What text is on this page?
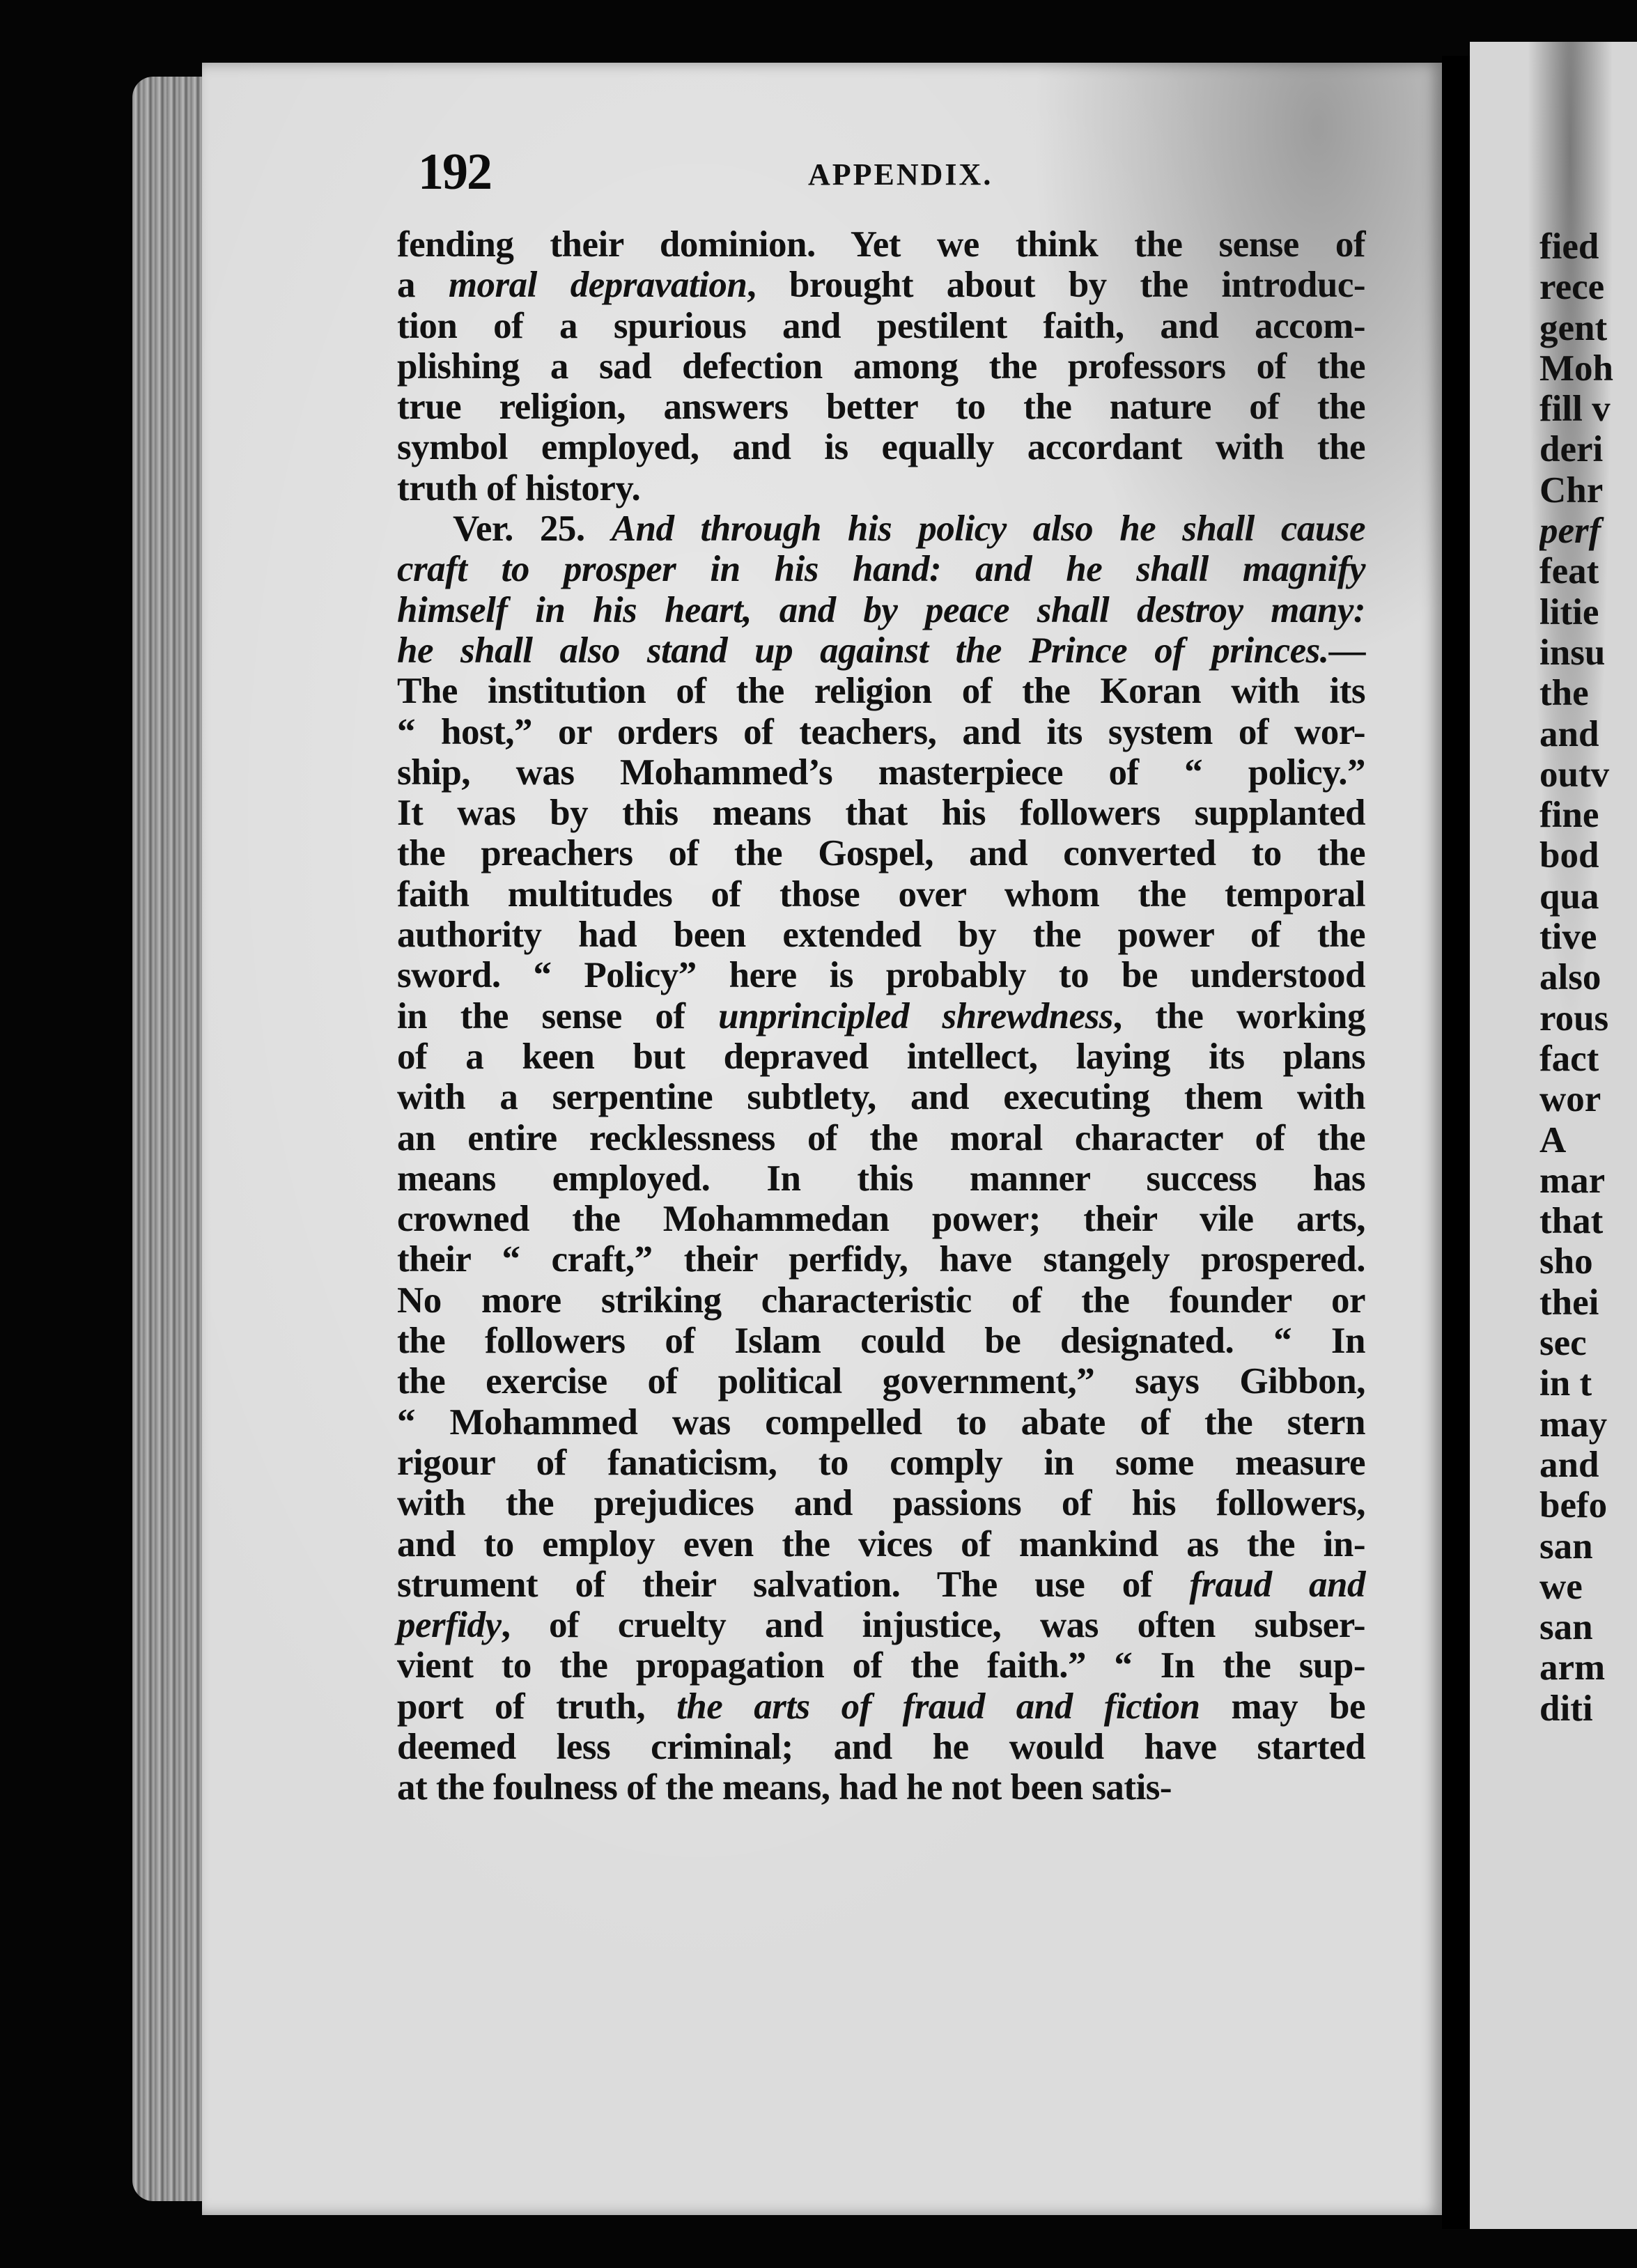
192	APPENDIX.
fending their dominion. Yet we think the sense of
a moral depravation, brought about by the introduc-
tion of a spurious and pestilent faith, and accom-
plishing a sad defection among the professors of the
true religion, answers better to the nature of the
symbol employed, and is equally accordant with the
truth of history.
Ver. 25. And through his policy also he shall cause
craft to prosper in his hand: and he shall magnify
himself in his heart, and by peace shall destroy many:
he shall also stand up against the Prince of princes.—
The institution of the religion of the Koran with its
“ host,” or orders of teachers, and its system of wor-
ship, was Mohammed’s masterpiece of “ policy.”
It was by this means that his followers supplanted
the preachers of the Gospel, and converted to the
faith multitudes of those over whom the temporal
authority had been extended by the power of the
sword. “ Policy” here is probably to be understood
in the sense of unprincipled shrewdness, the working
of a keen but depraved intellect, laying its plans
with a serpentine subtlety, and executing them with
an entire recklessness of the moral character of the
means employed. In this manner success has
crowned the Mohammedan power; their vile arts,
their “ craft,” their perfidy, have stangely prospered.
No more striking characteristic of the founder or
the followers of Islam could be designated. “ In
the exercise of political government,” says Gibbon,
“ Mohammed was compelled to abate of the stern
rigour of fanaticism, to comply in some measure
with the prejudices and passions of his followers,
and to employ even the vices of mankind as the in-
strument of their salvation. The use of fraud and
perfidy, of cruelty and injustice, was often subser-
vient to the propagation of the faith.” “ In the sup-
port of truth, the arts of fraud and fiction may be
deemed less criminal; and he would have started
at the foulness of the means, had he not been satis-
fied
rece
gent
Moh
fill v
deri
Chr
perf
feat
litie
insu
the
and
outv
fine
bod
qua
tive
also
rous
fact
wor
A
mar
that
sho
thei
sec
in t
may
and
befo
san
we
san
arm
diti
